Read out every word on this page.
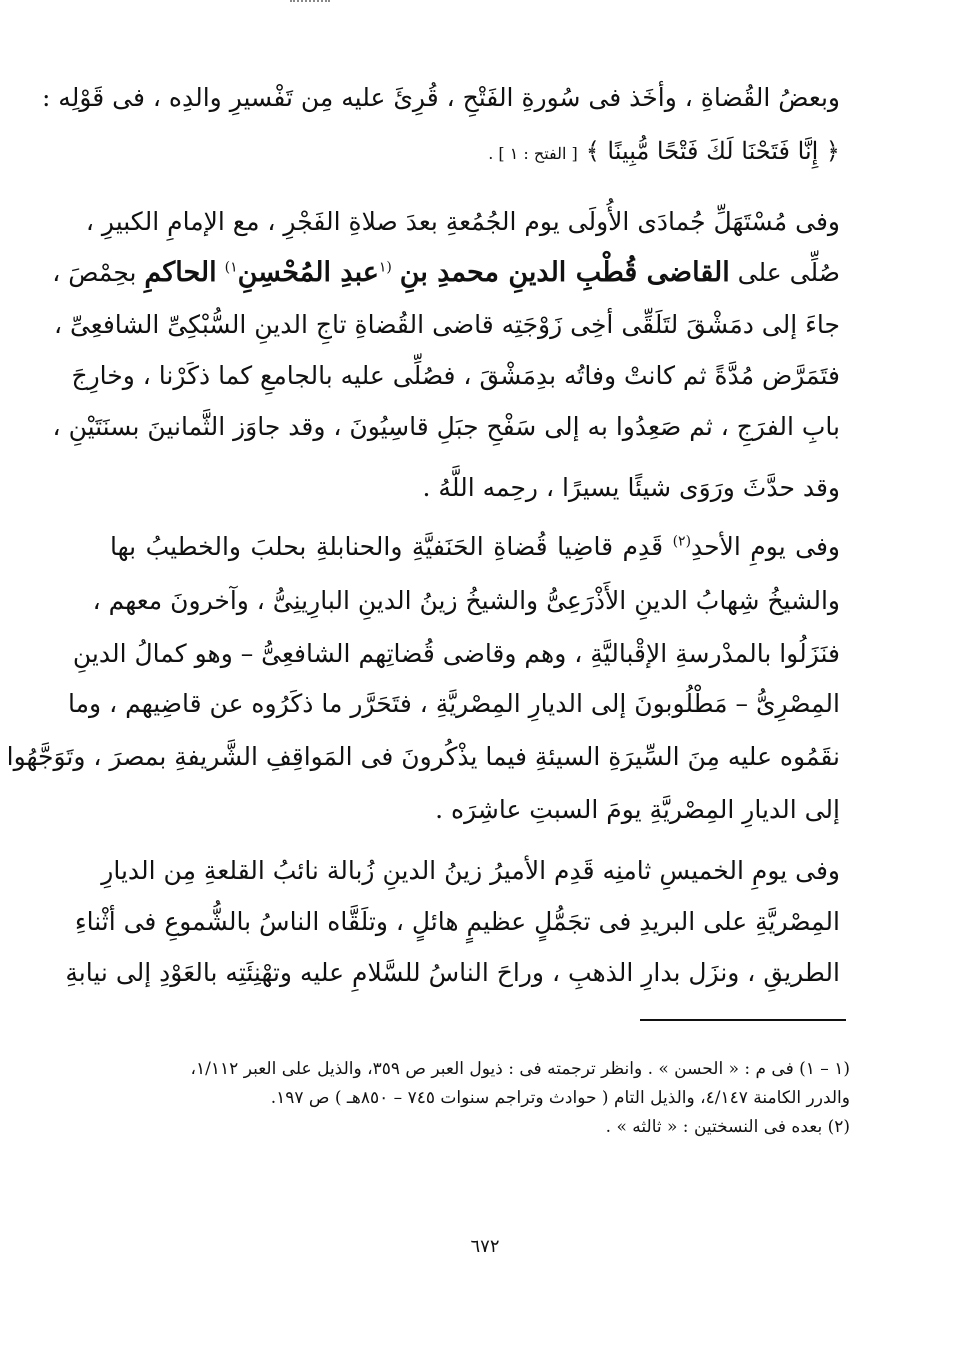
وبعضُ القُضاةِ ، وأخَذ فى سُورةِ الفَتْحِ ، قُرِئَ عليه مِن تَفْسيرِ والدِه ، فى قَوْلِه :
﴿ إِنَّا فَتَحْنَا لَكَ فَتْحًا مُّبِينًا ﴾ [ الفتح : ١ ] .
وفى مُسْتَهَلِّ جُمادَى الأُولَى يوم الجُمُعةِ بعدَ صلاةِ الفَجْرِ ، مع الإمامِ الكبيرِ ،
صُلِّى على القاضى قُطْبِ الدينِ محمدِ بنِ $^{(١}$عبدِ المُحْسِنِ$^{١)}$ الحاكمِ بحِمْصَ ،
جاءَ إلى دمَشْقَ لتَلَقِّى أخِى زَوْجَتِه قاضى القُضاةِ تاجِ الدينِ السُّبْكِىِّ الشافعِىِّ ،
فتَمَرَّض مُدَّةً ثم كانتْ وفاتُه بدِمَشْقَ ، فصُلِّى عليه بالجامعِ كما ذكَرْنا ، وخارِجَ
بابِ الفرَجِ ، ثم صَعِدُوا به إلى سَفْحِ جبَلِ قاسِيُونَ ، وقد جاوَز الثَّمانينَ بسنَتَيْنِ ،
وقد حدَّثَ ورَوَى شيئًا يسيرًا ، رحِمه اللَّهُ .
وفى يومِ الأحدِ$^{(٢)}$ قَدِم قاضِيا قُضاةِ الحَنَفيَّةِ والحنابلةِ بحلبَ والخطيبُ بها
والشيخُ شِهابُ الدينِ الأَذْرَعِىُّ والشيخُ زينُ الدينِ البارِينِىُّ ، وآخرونَ معهم ،
فنَزَلُوا بالمدْرسةِ الإقْباليَّةِ ، وهم وقاضى قُضاتِهم الشافعِىُّ – وهو كمالُ الدينِ
المِصْرِىُّ – مَطْلُوبونَ إلى الديارِ المِصْريَّةِ ، فتَحَرَّر ما ذكَرُوه عن قاضِيهم ، وما
نقَمُوه عليه مِنَ السِّيرَةِ السيئةِ فيما يذْكُرونَ فى المَواقِفِ الشَّريفةِ بمصرَ ، وتَوَجَّهُوا
إلى الديارِ المِصْريَّةِ يومَ السبتِ عاشِرَه .
وفى يومِ الخميسِ ثامنِه قَدِم الأميرُ زينُ الدينِ زُبالة نائبُ القلعةِ مِن الديارِ
المِصْريَّةِ على البريدِ فى تجَمُّلٍ عظيمٍ هائلٍ ، وتلَقَّاه الناسُ بالشُّموعِ فى أثْناءِ
الطريقِ ، ونزَل بدارِ الذهبِ ، وراحَ الناسُ للسَّلامِ عليه وتهْنِئَتِه بالعَوْدِ إلى نيابةِ
(١ – ١) فى م : « الحسن » . وانظر ترجمته فى : ذيول العبر ص ٣٥٩، والذيل على العبر ١/١١٢،
والدرر الكامنة ٤/١٤٧، والذيل التام ( حوادث وتراجم سنوات ٧٤٥ – ٨٥٠هـ ) ص ١٩٧.
(٢) بعده فى النسختين : « ثالثه » .
٦٧٢
